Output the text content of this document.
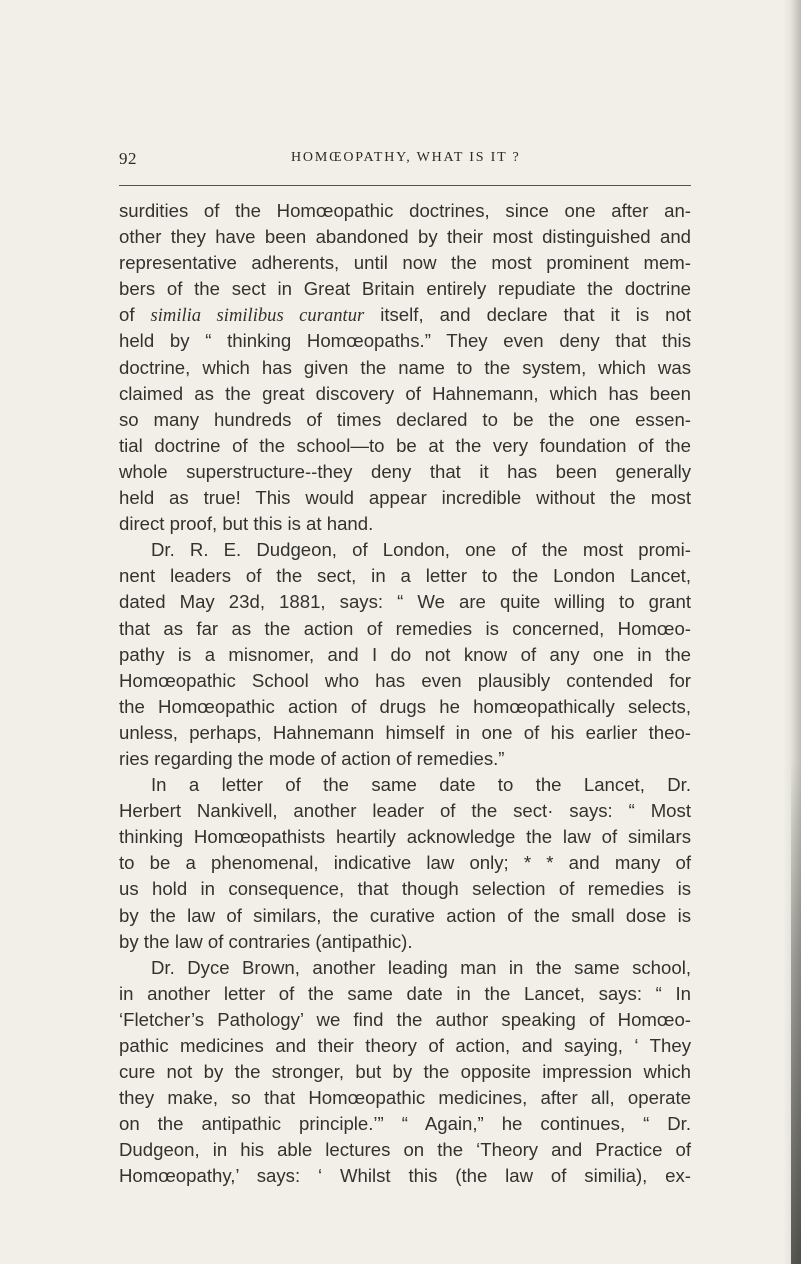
92	HOMŒOPATHY, WHAT IS IT ?
surdities of the Homœopathic doctrines, since one after an-
other they have been abandoned by their most distinguished and
representative adherents, until now the most prominent mem-
bers of the sect in Great Britain entirely repudiate the doctrine
of similia similibus curantur itself, and declare that it is not
held by “ thinking Homœopaths.” They even deny that this
doctrine, which has given the name to the system, which was
claimed as the great discovery of Hahnemann, which has been
so many hundreds of times declared to be the one essen-
tial doctrine of the school—to be at the very foundation of the
whole superstructure--they deny that it has been generally
held as true! This would appear incredible without the most
direct proof, but this is at hand.
Dr. R. E. Dudgeon, of London, one of the most promi-
nent leaders of the sect, in a letter to the London Lancet,
dated May 23d, 1881, says: “ We are quite willing to grant
that as far as the action of remedies is concerned, Homœo-
pathy is a misnomer, and I do not know of any one in the
Homœopathic School who has even plausibly contended for
the Homœopathic action of drugs he homœopathically selects,
unless, perhaps, Hahnemann himself in one of his earlier theo-
ries regarding the mode of action of remedies.”
In a letter of the same date to the Lancet, Dr.
Herbert Nankivell, another leader of the sect· says: “ Most
thinking Homœopathists heartily acknowledge the law of similars
to be a phenomenal, indicative law only; * * and many of
us hold in consequence, that though selection of remedies is
by the law of similars, the curative action of the small dose is
by the law of contraries (antipathic).
Dr. Dyce Brown, another leading man in the same school,
in another letter of the same date in the Lancet, says: “ In
‘Fletcher’s Pathology’ we find the author speaking of Homœo-
pathic medicines and their theory of action, and saying, ‘ They
cure not by the stronger, but by the opposite impression which
they make, so that Homœopathic medicines, after all, operate
on the antipathic principle.’” “ Again,” he continues, “ Dr.
Dudgeon, in his able lectures on the ‘Theory and Practice of
Homœopathy,’ says: ‘ Whilst this (the law of similia), ex-
